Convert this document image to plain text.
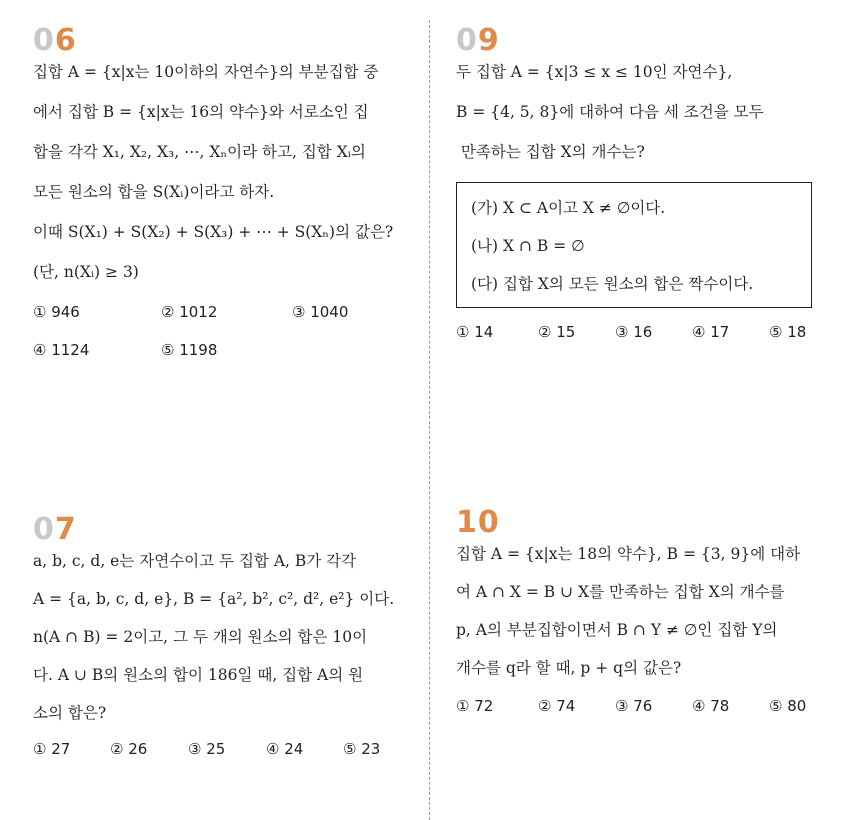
06
집합 A = {x|x는 10이하의 자연수}의 부분집합 중
에서 집합 B = {x|x는 16의 약수}와 서로소인 집
합을 각각 X₁, X₂, X₃, ⋯, Xₙ이라 하고, 집합 Xᵢ의
모든 원소의 합을 S(Xᵢ)이라고 하자.
이때 S(X₁) + S(X₂) + S(X₃) + ⋯ + S(Xₙ)의 값은?
(단, n(Xᵢ) ≥ 3)
① 946	② 1012	③ 1040
④ 1124	⑤ 1198
09
두 집합 A = {x|3 ≤ x ≤ 10인 자연수},
B = {4, 5, 8}에 대하여 다음 세 조건을 모두
만족하는 집합 X의 개수는?
(가) X ⊂ A이고 X ≠ ∅이다.
(나) X ∩ B = ∅
(다) 집합 X의 모든 원소의 합은 짝수이다.
① 14	② 15	③ 16	④ 17	⑤ 18
07
a, b, c, d, e는 자연수이고 두 집합 A, B가 각각
A = {a, b, c, d, e}, B = {a², b², c², d², e²} 이다.
n(A ∩ B) = 2이고, 그 두 개의 원소의 합은 10이
다. A ∪ B의 원소의 합이 186일 때, 집합 A의 원
소의 합은?
① 27	② 26	③ 25	④ 24	⑤ 23
10
집합 A = {x|x는 18의 약수}, B = {3, 9}에 대하
여 A ∩ X = B ∪ X를 만족하는 집합 X의 개수를
p, A의 부분집합이면서 B ∩ Y ≠ ∅인 집합 Y의
개수를 q라 할 때, p + q의 값은?
① 72	② 74	③ 76	④ 78	⑤ 80
